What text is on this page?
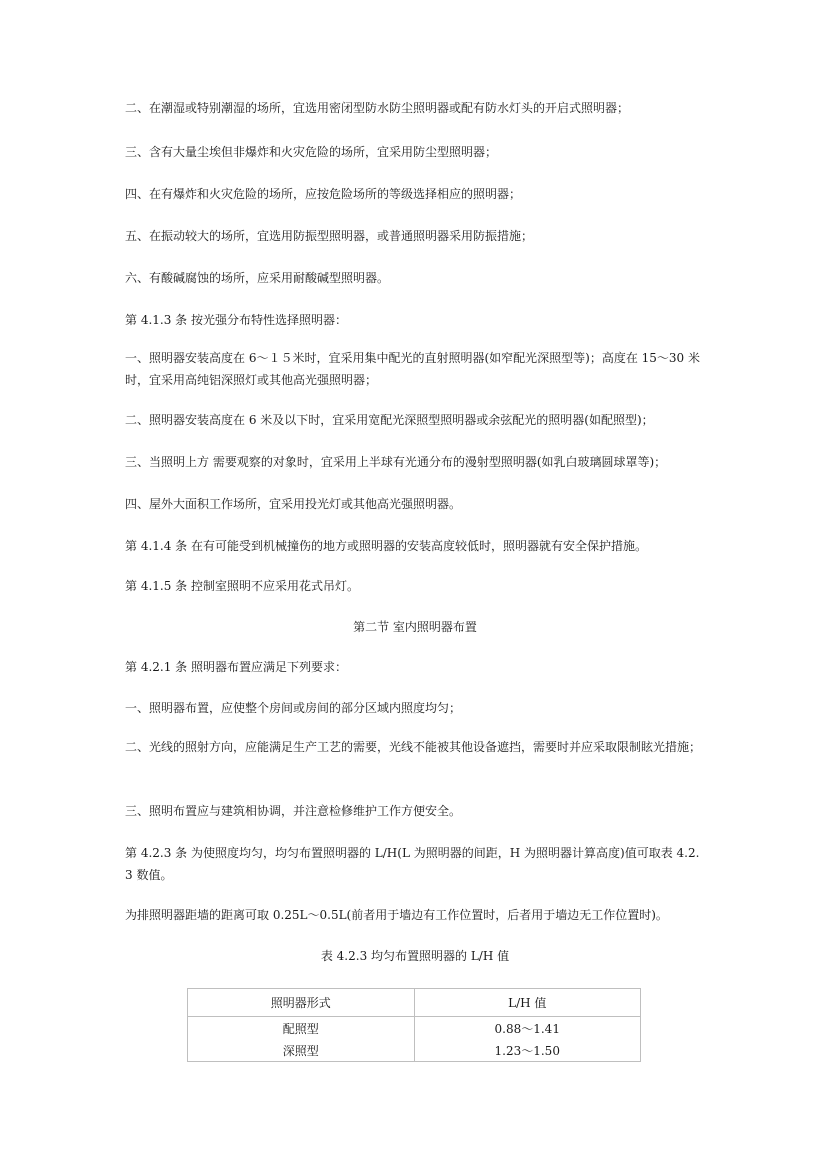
二、在潮湿或特别潮湿的场所，宜选用密闭型防水防尘照明器或配有防水灯头的开启式照明器；

三、含有大量尘埃但非爆炸和火灾危险的场所，宜采用防尘型照明器；

四、在有爆炸和火灾危险的场所，应按危险场所的等级选择相应的照明器；

五、在振动较大的场所，宜选用防振型照明器，或普通照明器采用防振措施；

六、有酸碱腐蚀的场所，应采用耐酸碱型照明器。

第 4.1.3 条 按光强分布特性选择照明器：

一、照明器安装高度在 6～１５米时，宜采用集中配光的直射照明器(如窄配光深照型等)；高度在 15～30 米时，宜采用高纯铝深照灯或其他高光强照明器；

二、照明器安装高度在 6 米及以下时，宜采用宽配光深照型照明器或余弦配光的照明器(如配照型)；

三、当照明上方 需要观察的对象时，宜采用上半球有光通分布的漫射型照明器(如乳白玻璃圆球罩等)；

四、屋外大面积工作场所，宜采用投光灯或其他高光强照明器。

第 4.1.4 条 在有可能受到机械撞伤的地方或照明器的安装高度较低时，照明器就有安全保护措施。

第 4.1.5 条 控制室照明不应采用花式吊灯。

第二节 室内照明器布置

第 4.2.1 条 照明器布置应满足下列要求：

一、照明器布置，应使整个房间或房间的部分区域内照度均匀；

二、光线的照射方向，应能满足生产工艺的需要，光线不能被其他设备遮挡，需要时并应采取限制眩光措施；

三、照明布置应与建筑相协调，并注意检修维护工作方便安全。

第 4.2.3 条 为使照度均匀，均匀布置照明器的 L/H(L 为照明器的间距，H 为照明器计算高度)值可取表 4.2.3 数值。

为排照明器距墙的距离可取 0.25L～0.5L(前者用于墙边有工作位置时，后者用于墙边无工作位置时)。

表 4.2.3 均匀布置照明器的 L/H 值

照明器形式	L/H 值
配照型	0.88～1.41
深照型	1.23～1.50
